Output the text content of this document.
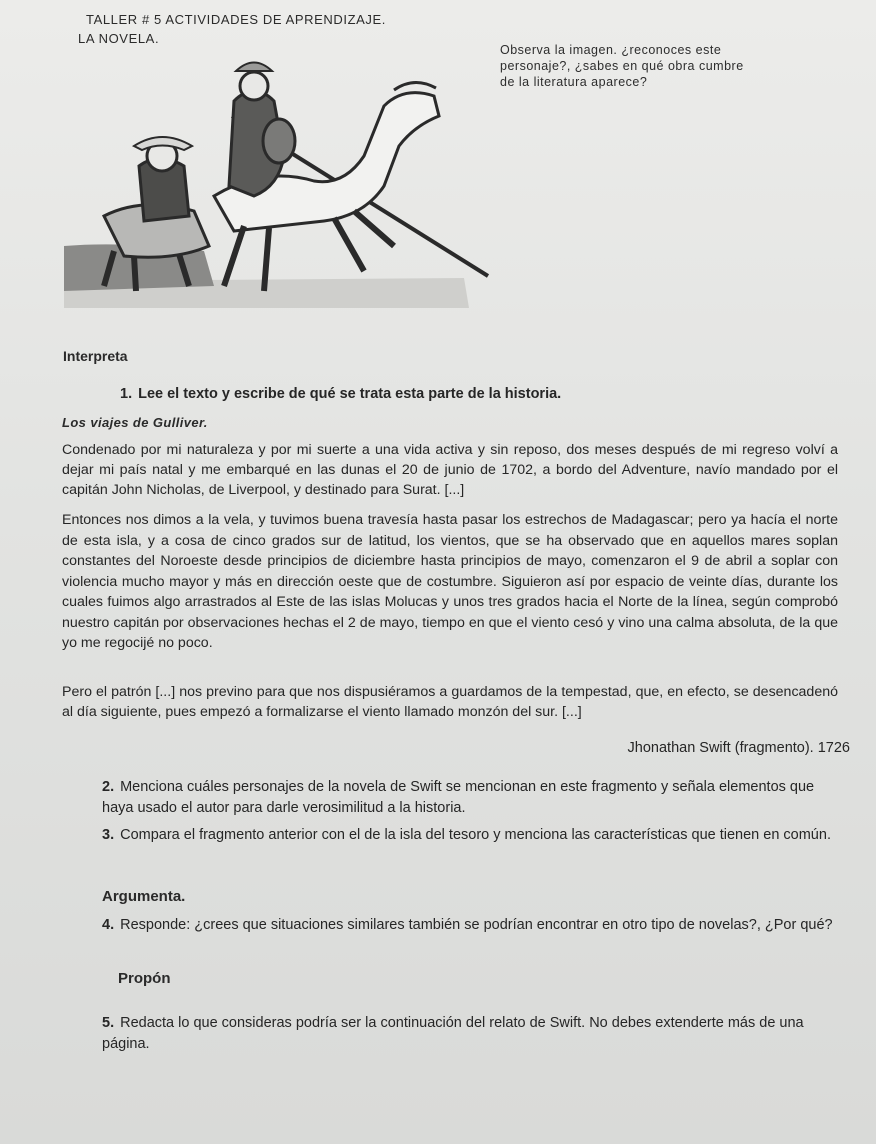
TALLER # 5 ACTIVIDADES DE APRENDIZAJE.
LA NOVELA.
Observa la imagen. ¿reconoces este
personaje?, ¿sabes en qué obra cumbre
de la literatura aparece?
Interpreta
1. Lee el texto y escribe de qué se trata esta parte de la historia.
Los viajes de Gulliver.
Condenado por mi naturaleza y por mi suerte a una vida activa y sin reposo, dos meses después de mi regreso volví a dejar mi país natal y me embarqué en las dunas el 20 de junio de 1702, a bordo del Adventure, navío mandado por el capitán John Nicholas, de Liverpool, y destinado para Surat. [...]
Entonces nos dimos a la vela, y tuvimos buena travesía hasta pasar los estrechos de Madagascar; pero ya hacía el norte de esta isla, y a cosa de cinco grados sur de latitud, los vientos, que se ha observado que en aquellos mares soplan constantes del Noroeste desde principios de diciembre hasta principios de mayo, comenzaron el 9 de abril a soplar con violencia mucho mayor y más en dirección oeste que de costumbre. Siguieron así por espacio de veinte días, durante los cuales fuimos algo arrastrados al Este de las islas Molucas y unos tres grados hacia el Norte de la línea, según comprobó nuestro capitán por observaciones hechas el 2 de mayo, tiempo en que el viento cesó y vino una calma absoluta, de la que yo me regocijé no poco.
Pero el patrón [...] nos previno para que nos dispusiéramos a guardamos de la tempestad, que, en efecto, se desencadenó al día siguiente, pues empezó a formalizarse el viento llamado monzón del sur. [...]
Jhonathan Swift (fragmento). 1726
2. Menciona cuáles personajes de la novela de Swift se mencionan en este fragmento y señala elementos que haya usado el autor para darle verosimilitud a la historia.
3. Compara el fragmento anterior con el de la isla del tesoro y menciona las características que tienen en común.
Argumenta.
4. Responde: ¿crees que situaciones similares también se podrían encontrar en otro tipo de novelas?, ¿Por qué?
Propón
5. Redacta lo que consideras podría ser la continuación del relato de Swift. No debes extenderte más de una página.
